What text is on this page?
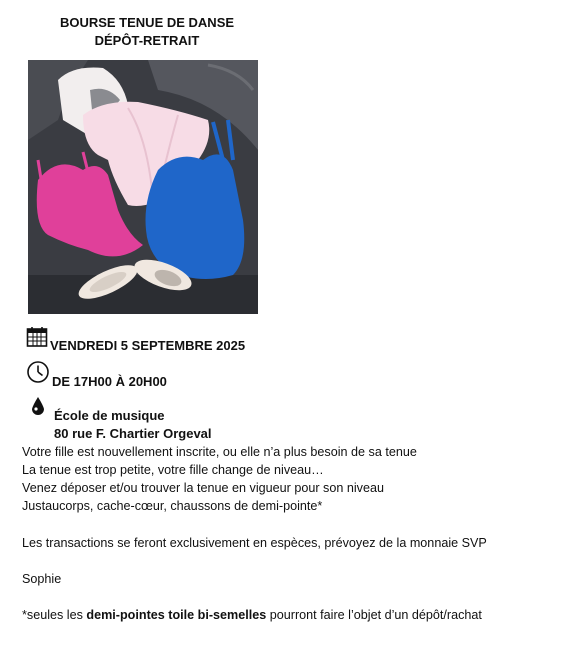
BOURSE TENUE DE DANSE
DÉPÔT-RETRAIT
VENDREDI 5 SEPTEMBRE 2025
DE 17H00 À 20H00
École de musique
80 rue F. Chartier Orgeval
Votre fille est nouvellement inscrite, ou elle n’a plus besoin de sa tenue
La tenue est trop petite, votre fille change de niveau…
Venez déposer et/ou trouver la tenue en vigueur pour son niveau
Justaucorps, cache-cœur, chaussons de demi-pointe*
Les transactions se feront exclusivement en espèces, prévoyez de la monnaie SVP
Sophie
*seules les demi-pointes toile bi-semelles pourront faire l’objet d’un dépôt/rachat
